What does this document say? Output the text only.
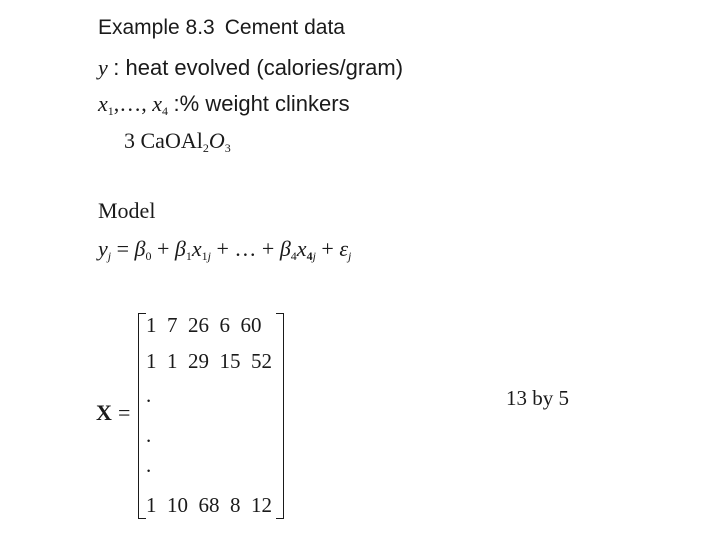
Example 8.3 Cement data
y : heat evolved (calories/gram)
$x_1,\dots$, $x_4$ :% weight clinkers
3 $CaOAl_2O_3$
Model
yj = $\beta_0 + \beta_1x_1j$ + … + $\beta_4x_4j + \varepsilon j$
X =
1  7  26  6  60
1  1  29  15  52
.
.
.
1  10  68  8  12
13 by 5
